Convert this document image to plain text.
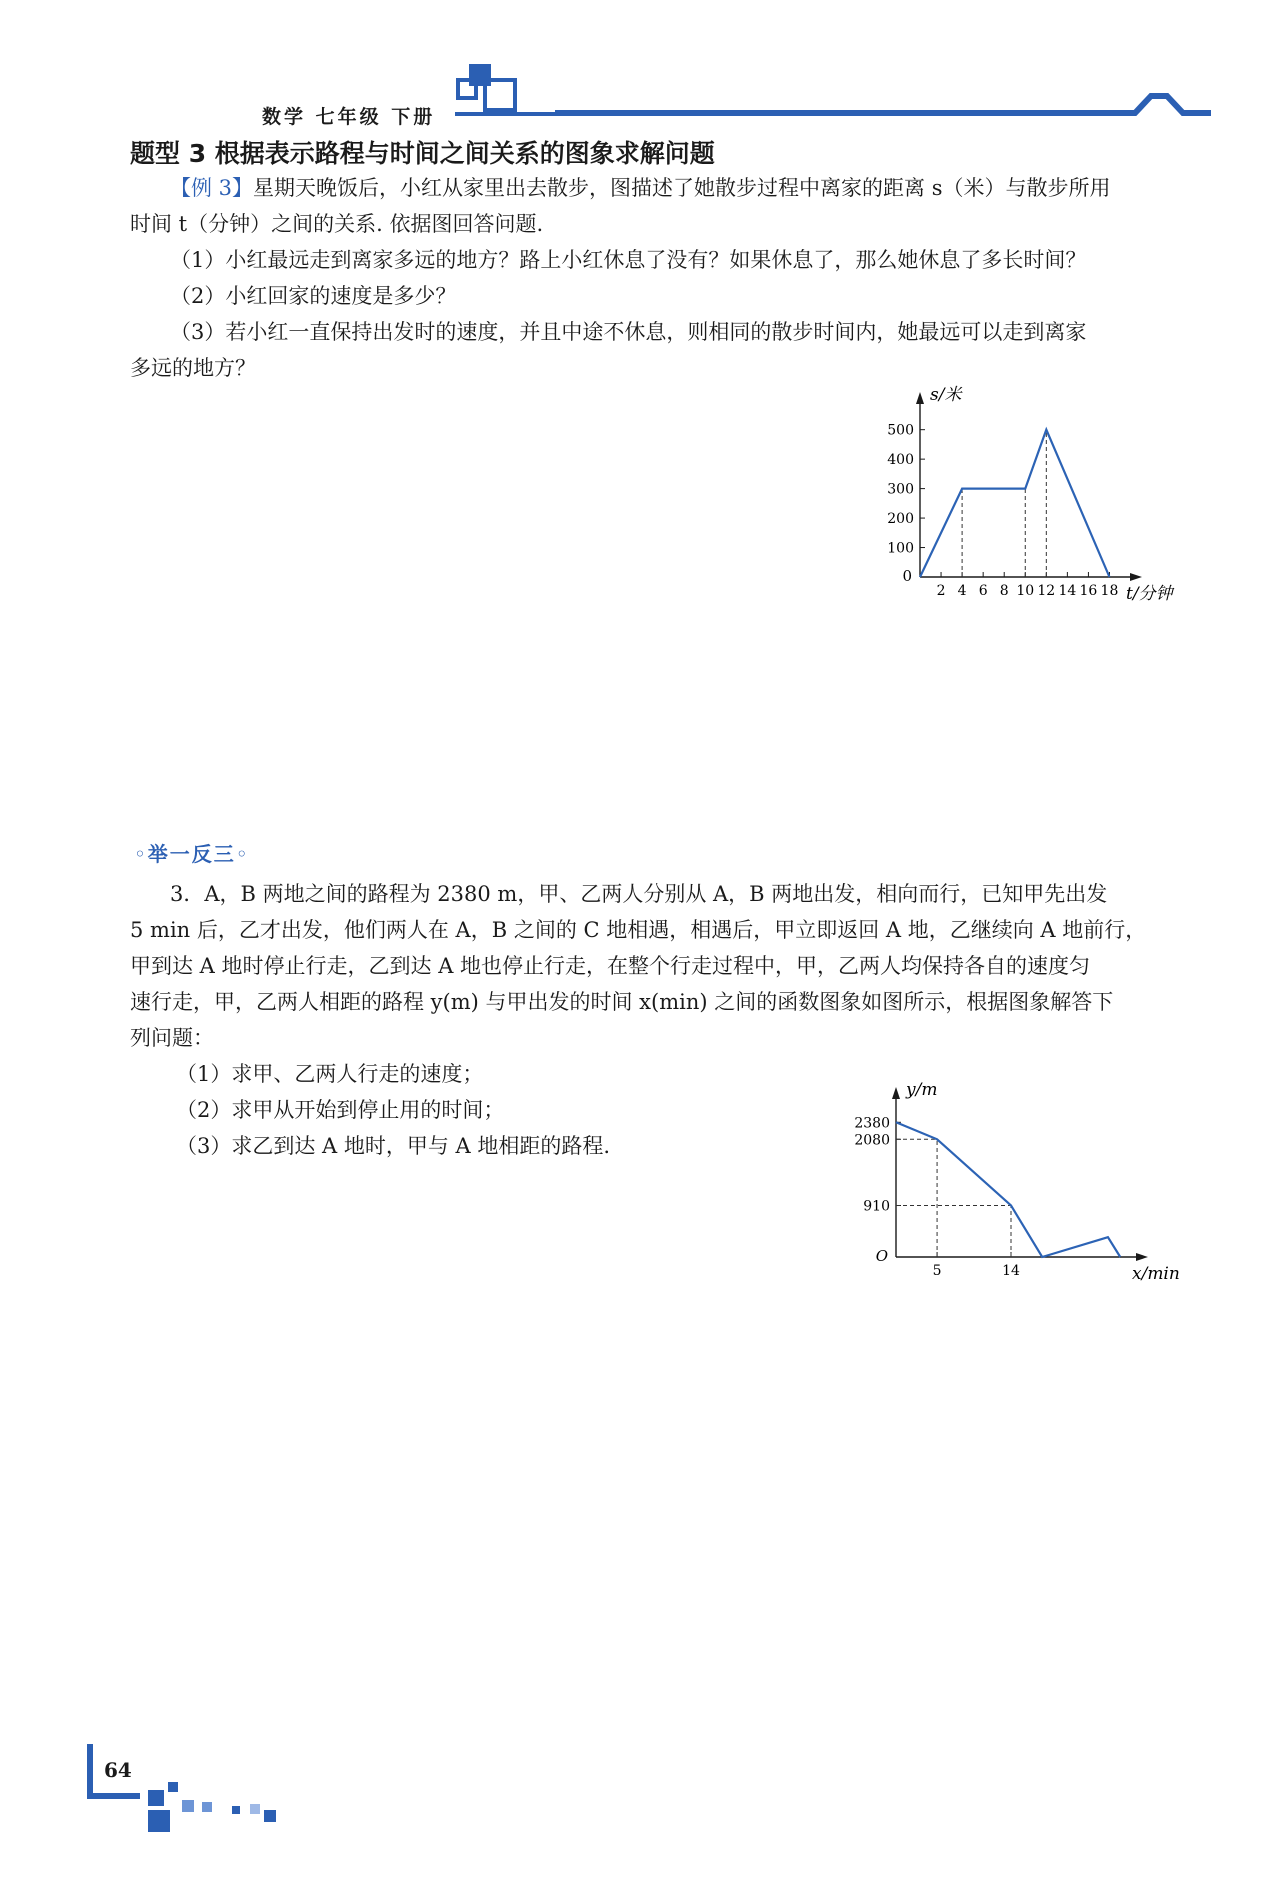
数学 七年级 下册
题型 3 根据表示路程与时间之间关系的图象求解问题
【例 3】星期天晚饭后，小红从家里出去散步，图描述了她散步过程中离家的距离 s（米）与散步所用
时间 t（分钟）之间的关系. 依据图回答问题.
（1）小红最远走到离家多远的地方？路上小红休息了没有？如果休息了，那么她休息了多长时间？
（2）小红回家的速度是多少？
（3）若小红一直保持出发时的速度，并且中途不休息，则相同的散步时间内，她最远可以走到离家
多远的地方？
s/米
t/分钟
0
100
200
300
400
500
2 4 6 8 10 12 14 16 18
◦举一反三◦
3．A，B 两地之间的路程为 2380 m，甲、乙两人分别从 A，B 两地出发，相向而行，已知甲先出发
5 min 后，乙才出发，他们两人在 A，B 之间的 C 地相遇，相遇后，甲立即返回 A 地，乙继续向 A 地前行，
甲到达 A 地时停止行走，乙到达 A 地也停止行走，在整个行走过程中，甲，乙两人均保持各自的速度匀
速行走，甲，乙两人相距的路程 y(m) 与甲出发的时间 x(min) 之间的函数图象如图所示，根据图象解答下
列问题：
（1）求甲、乙两人行走的速度；
（2）求甲从开始到停止用的时间；
（3）求乙到达 A 地时，甲与 A 地相距的路程.
y/m
x/min
O
910
2080
2380
5	14
64
